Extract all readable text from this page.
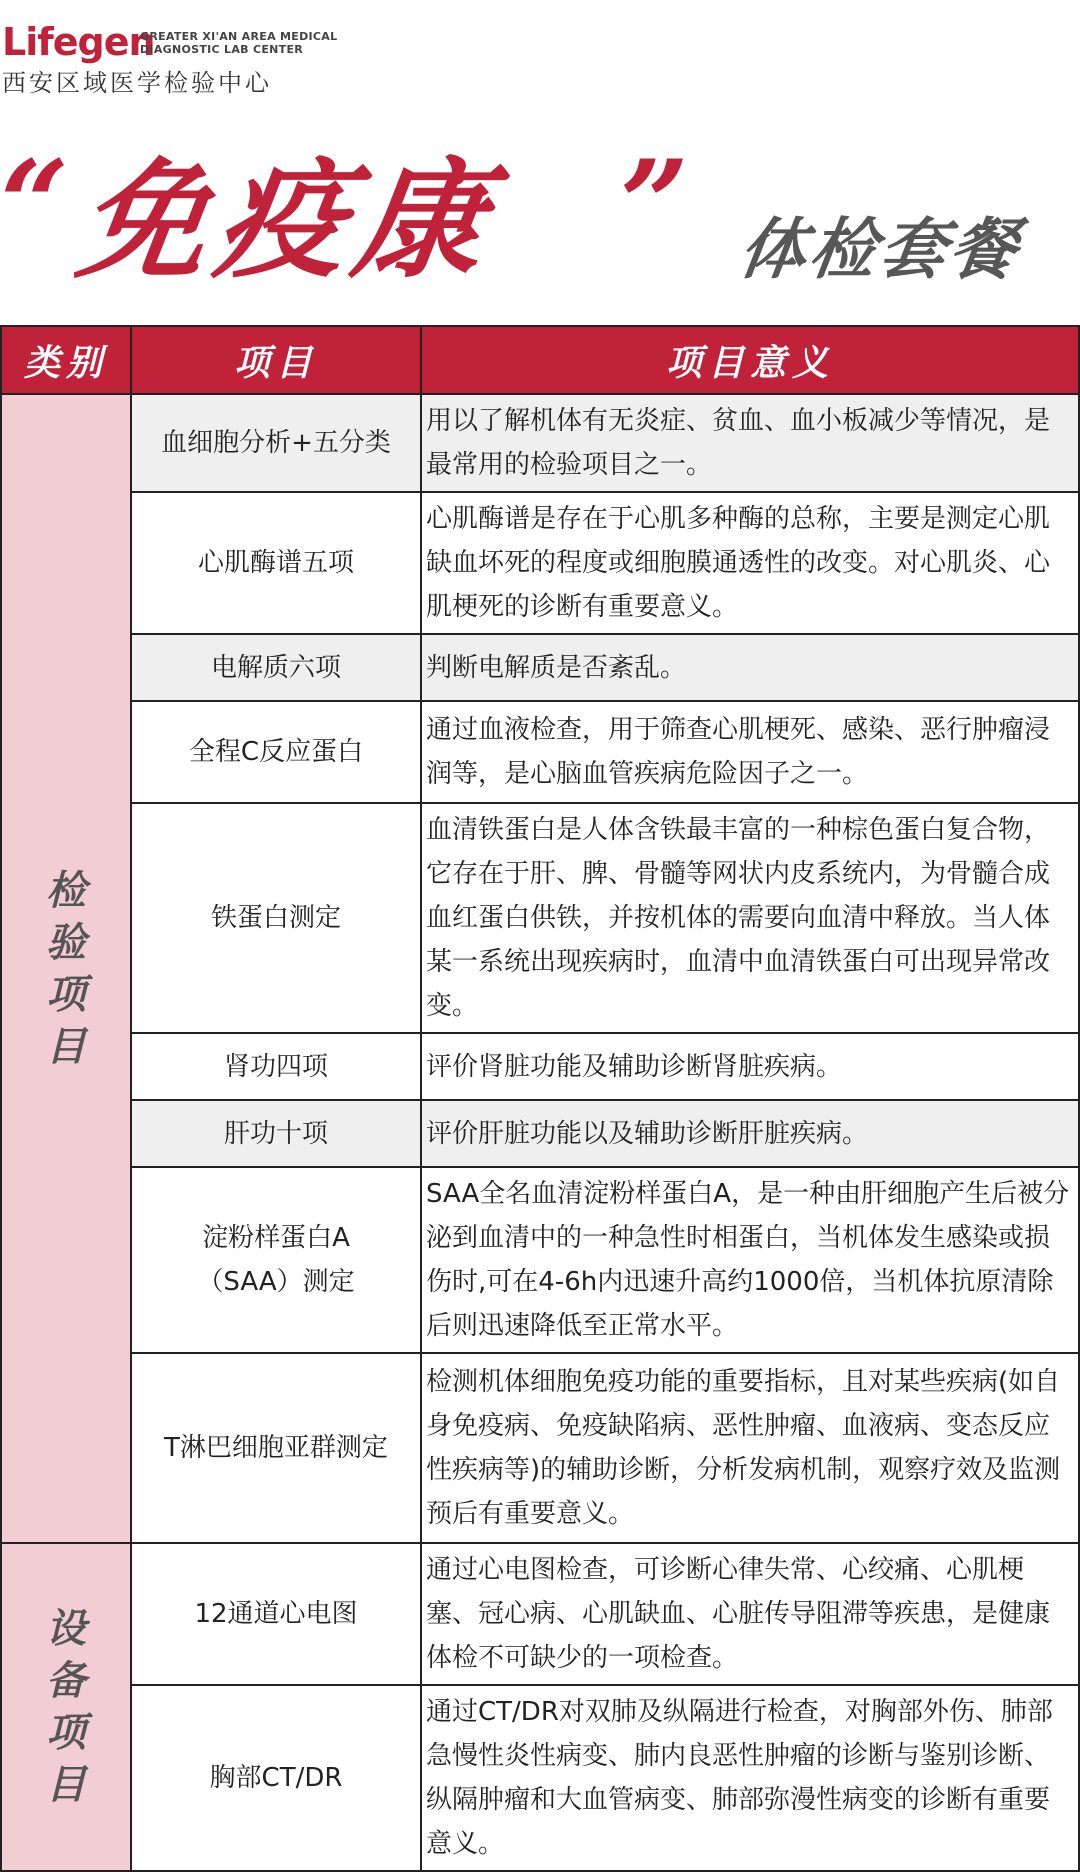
Lifegen
GREATER XI'AN AREA MEDICAL
DIAGNOSTIC LAB CENTER
西安区域医学检验中心
“ 免疫康 ” 体检套餐
类别	项目	项目意义

检
验
项
目	血细胞分析+五分类	用以了解机体有无炎症、贫血、血小板减少等情况，是最常用的检验项目之一。
	心肌酶谱五项	心肌酶谱是存在于心肌多种酶的总称，主要是测定心肌缺血坏死的程度或细胞膜通透性的改变。对心肌炎、心肌梗死的诊断有重要意义。
	电解质六项	判断电解质是否紊乱。
	全程C反应蛋白	通过血液检查，用于筛查心肌梗死、感染、恶行肿瘤浸润等，是心脑血管疾病危险因子之一。
	铁蛋白测定	血清铁蛋白是人体含铁最丰富的一种棕色蛋白复合物，它存在于肝、脾、骨髓等网状内皮系统内，为骨髓合成血红蛋白供铁，并按机体的需要向血清中释放。当人体某一系统出现疾病时，血清中血清铁蛋白可出现异常改变。
	肾功四项	评价肾脏功能及辅助诊断肾脏疾病。
	肝功十项	评价肝脏功能以及辅助诊断肝脏疾病。
	淀粉样蛋白A
（SAA）测定	SAA全名血清淀粉样蛋白A，是一种由肝细胞产生后被分泌到血清中的一种急性时相蛋白，当机体发生感染或损伤时,可在4-6h内迅速升高约1000倍，当机体抗原清除后则迅速降低至正常水平。
	T淋巴细胞亚群测定	检测机体细胞免疫功能的重要指标，且对某些疾病(如自身免疫病、免疫缺陷病、恶性肿瘤、血液病、变态反应性疾病等)的辅助诊断，分析发病机制，观察疗效及监测预后有重要意义。

设
备
项
目	12通道心电图	通过心电图检查，可诊断心律失常、心绞痛、心肌梗塞、冠心病、心肌缺血、心脏传导阻滞等疾患，是健康体检不可缺少的一项检查。
	胸部CT/DR	通过CT/DR对双肺及纵隔进行检查，对胸部外伤、肺部急慢性炎性病变、肺内良恶性肿瘤的诊断与鉴别诊断、纵隔肿瘤和大血管病变、肺部弥漫性病变的诊断有重要意义。
